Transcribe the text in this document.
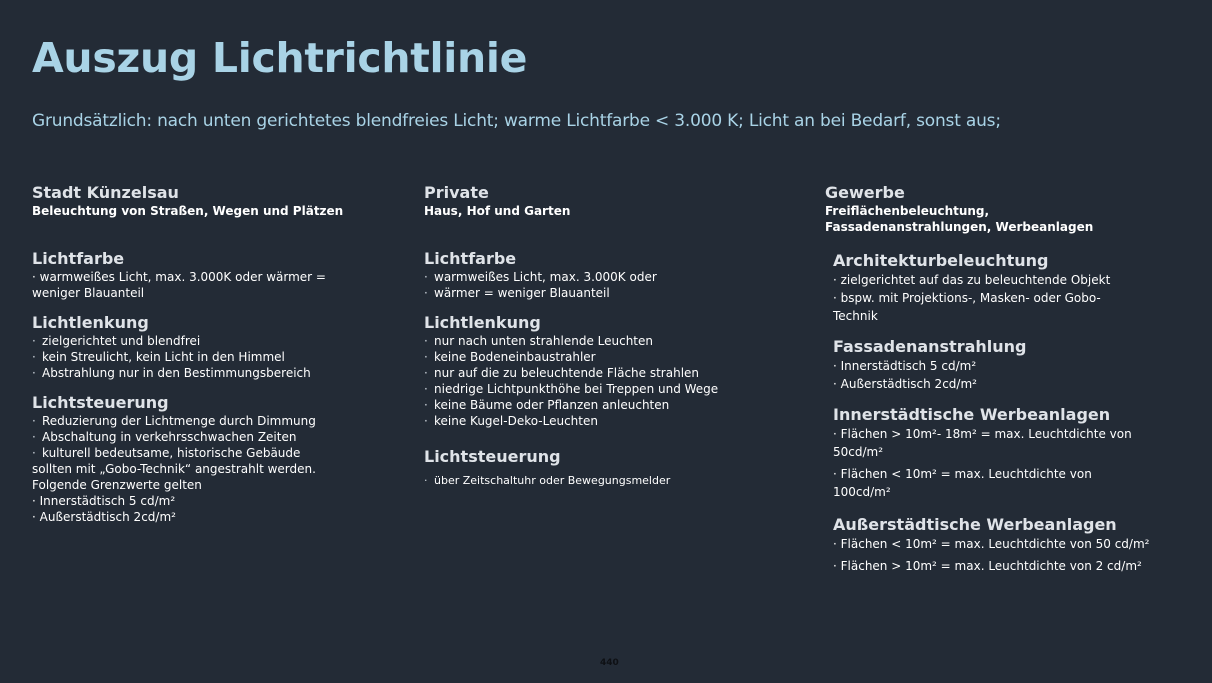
Auszug Lichtrichtlinie
Grundsätzlich: nach unten gerichtetes blendfreies Licht; warme Lichtfarbe < 3.000 K; Licht an bei Bedarf, sonst aus;
Stadt Künzelsau
Beleuchtung von Straßen, Wegen und Plätzen
Lichtfarbe
· warmweißes Licht, max. 3.000K oder wärmer =
weniger Blauanteil
Lichtlenkung
· zielgerichtet und blendfrei
· kein Streulicht, kein Licht in den Himmel
· Abstrahlung nur in den Bestimmungsbereich
Lichtsteuerung
· Reduzierung der Lichtmenge durch Dimmung
· Abschaltung in verkehrsschwachen Zeiten
· kulturell bedeutsame, historische Gebäude
sollten mit „Gobo-Technik“ angestrahlt werden.
Folgende Grenzwerte gelten
· Innerstädtisch 5 cd/m²
· Außerstädtisch 2cd/m²
Private
Haus, Hof und Garten
Lichtfarbe
· warmweißes Licht, max. 3.000K oder
· wärmer = weniger Blauanteil
Lichtlenkung
· nur nach unten strahlende Leuchten
· keine Bodeneinbaustrahler
· nur auf die zu beleuchtende Fläche strahlen
· niedrige Lichtpunkthöhe bei Treppen und Wege
· keine Bäume oder Pflanzen anleuchten
· keine Kugel-Deko-Leuchten
Lichtsteuerung
· über Zeitschaltuhr oder Bewegungsmelder
Gewerbe
Freiflächenbeleuchtung,
Fassadenanstrahlungen, Werbeanlagen
Architekturbeleuchtung
· zielgerichtet auf das zu beleuchtende Objekt
· bspw. mit Projektions-, Masken- oder Gobo-
Technik
Fassadenanstrahlung
· Innerstädtisch 5 cd/m²
· Außerstädtisch 2cd/m²
Innerstädtische Werbeanlagen
· Flächen > 10m²- 18m² = max. Leuchtdichte von
50cd/m²
· Flächen < 10m² = max. Leuchtdichte von
100cd/m²
Außerstädtische Werbeanlagen
· Flächen < 10m² = max. Leuchtdichte von 50 cd/m²
· Flächen > 10m² = max. Leuchtdichte von 2 cd/m²
440
